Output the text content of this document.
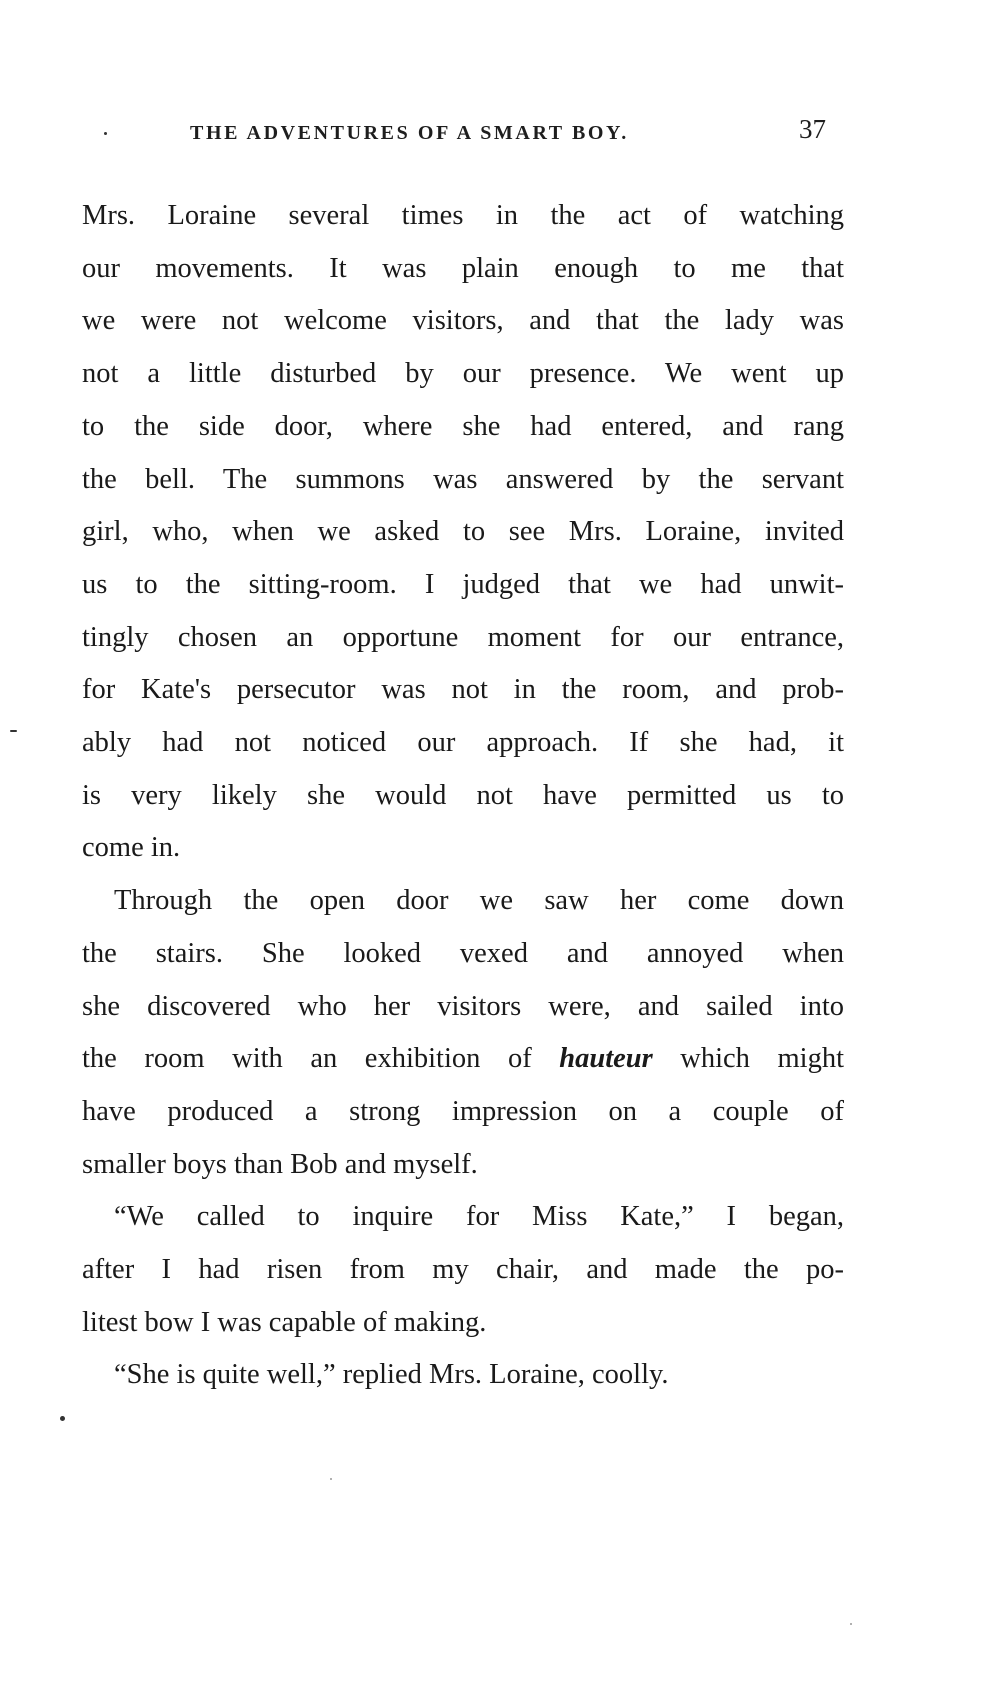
THE ADVENTURES OF A SMART BOY.	37

Mrs. Loraine several times in the act of watching
our movements. It was plain enough to me that
we were not welcome visitors, and that the lady was
not a little disturbed by our presence. We went up
to the side door, where she had entered, and rang
the bell. The summons was answered by the servant
girl, who, when we asked to see Mrs. Loraine, invited
us to the sitting-room. I judged that we had unwit-
tingly chosen an opportune moment for our entrance,
for Kate's persecutor was not in the room, and prob-
ably had not noticed our approach. If she had, it
is very likely she would not have permitted us to
come in.

Through the open door we saw her come down
the stairs. She looked vexed and annoyed when
she discovered who her visitors were, and sailed into
the room with an exhibition of hauteur which might
have produced a strong impression on a couple of
smaller boys than Bob and myself.

“We called to inquire for Miss Kate,” I began,
after I had risen from my chair, and made the po-
litest bow I was capable of making.

“She is quite well,” replied Mrs. Loraine, coolly.
